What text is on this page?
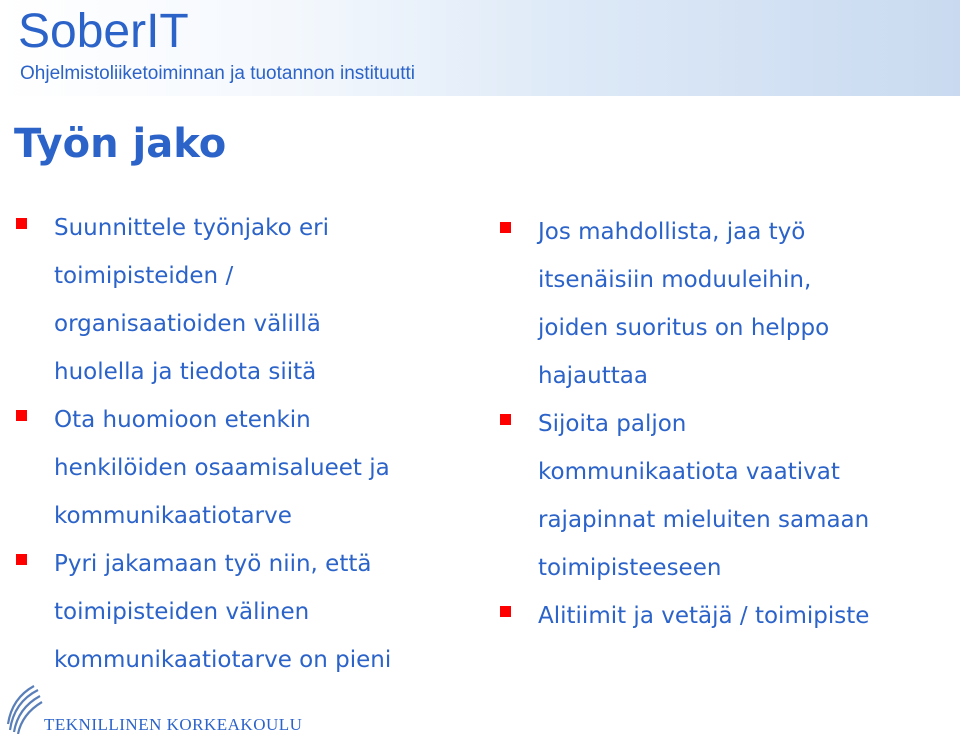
SoberIT
Ohjelmistoliiketoiminnan ja tuotannon instituutti
Työn jako
Suunnittele työnjako eri
toimipisteiden /
organisaatioiden välillä
huolella ja tiedota siitä
Ota huomioon etenkin
henkilöiden osaamisalueet ja
kommunikaatiotarve
Pyri jakamaan työ niin, että
toimipisteiden välinen
kommunikaatiotarve on pieni
Jos mahdollista, jaa työ
itsenäisiin moduuleihin,
joiden suoritus on helppo
hajauttaa
Sijoita paljon
kommunikaatiota vaativat
rajapinnat mieluiten samaan
toimipisteeseen
Alitiimit ja vetäjä / toimipiste
TEKNILLINEN KORKEAKOULU
